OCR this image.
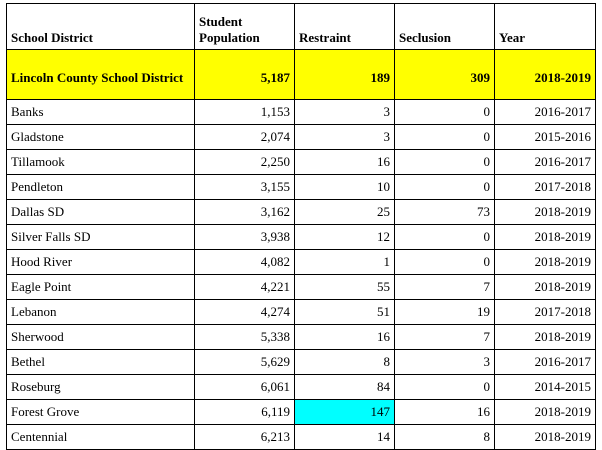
School District	Student Population	Restraint	Seclusion	Year
Lincoln County School District	5,187	189	309	2018-2019
Banks	1,153	3	0	2016-2017
Gladstone	2,074	3	0	2015-2016
Tillamook	2,250	16	0	2016-2017
Pendleton	3,155	10	0	2017-2018
Dallas SD	3,162	25	73	2018-2019
Silver Falls SD	3,938	12	0	2018-2019
Hood River	4,082	1	0	2018-2019
Eagle Point	4,221	55	7	2018-2019
Lebanon	4,274	51	19	2017-2018
Sherwood	5,338	16	7	2018-2019
Bethel	5,629	8	3	2016-2017
Roseburg	6,061	84	0	2014-2015
Forest Grove	6,119	147	16	2018-2019
Centennial	6,213	14	8	2018-2019
